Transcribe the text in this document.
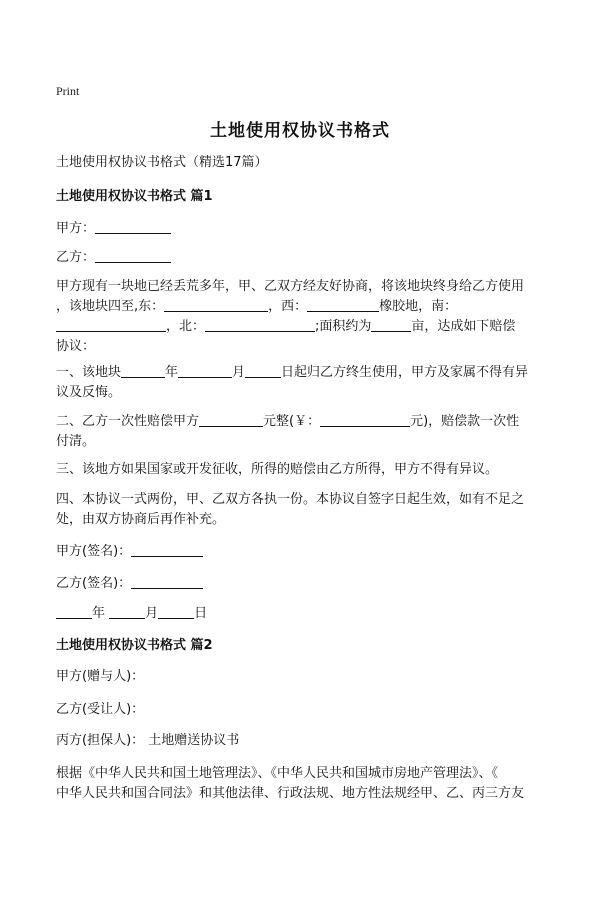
Print
土地使用权协议书格式
土地使用权协议书格式（精选17篇）
土地使用权协议书格式 篇1
甲方：
乙方：
甲方现有一块地已经丢荒多年，甲、乙双方经友好协商，将该地块终身给乙方使用
，该地块四至,东：	，西：	橡胶地，南：
，北：	;面积约为	亩，达成如下赔偿
协议：
一、该地块	年	月	日起归乙方终生使用，甲方及家属不得有异
议及反悔。
二、乙方一次性赔偿甲方	元整(￥：	元)，赔偿款一次性
付清。
三、该地方如果国家或开发征收，所得的赔偿由乙方所得，甲方不得有异议。
四、本协议一式两份，甲、乙双方各执一份。本协议自签字日起生效，如有不足之
处，由双方协商后再作补充。
甲方(签名)：
乙方(签名)：
年	月	日
土地使用权协议书格式 篇2
甲方(赠与人)：
乙方(受让人)：
丙方(担保人)： 土地赠送协议书
根据《中华人民共和国土地管理法》、《中华人民共和国城市房地产管理法》、《
中华人民共和国合同法》和其他法律、行政法规、地方性法规经甲、乙、丙三方友
